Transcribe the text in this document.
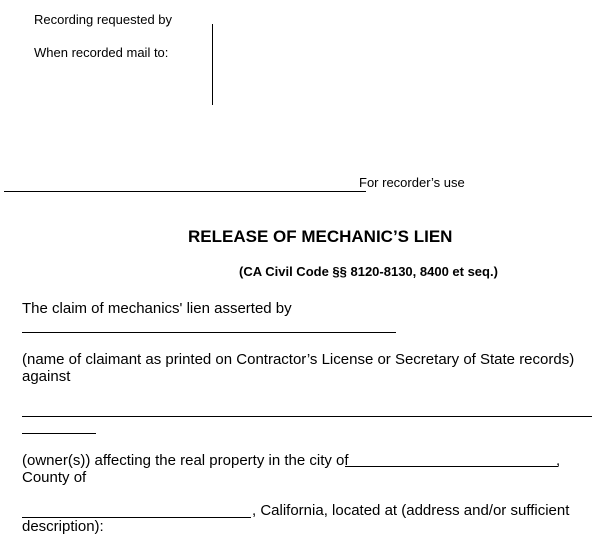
Recording requested by
When recorded mail to:
For recorder’s use
RELEASE OF MECHANIC’S LIEN
(CA Civil Code §§ 8120-8130, 8400 et seq.)
The claim of mechanics' lien asserted by
(name of claimant as printed on Contractor’s License or Secretary of State records)
against
(owner(s)) affecting the real property in the city of	,
County of
, California, located at (address and/or sufficient
description):
